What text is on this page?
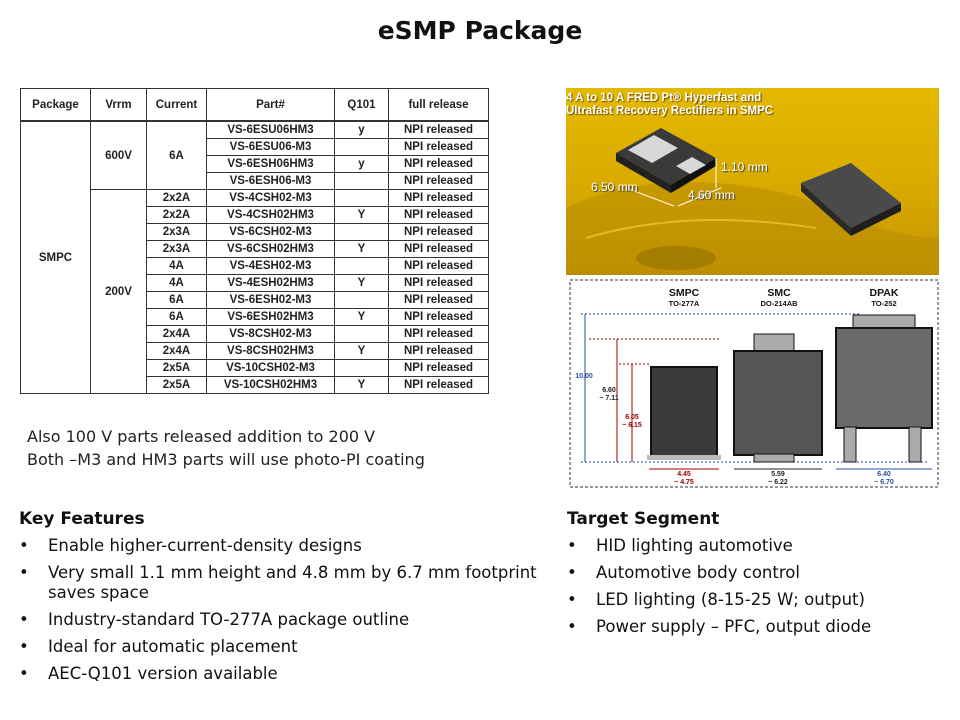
eSMP Package
Package	Vrrm	Current	Part#	Q101	full release
SMPC	600V	6A	VS-6ESU06HM3	y	NPI released
			VS-6ESU06-M3		NPI released
			VS-6ESH06HM3	y	NPI released
			VS-6ESH06-M3		NPI released
	200V	2x2A	VS-4CSH02-M3		NPI released
		2x2A	VS-4CSH02HM3	Y	NPI released
		2x3A	VS-6CSH02-M3		NPI released
		2x3A	VS-6CSH02HM3	Y	NPI released
		4A	VS-4ESH02-M3		NPI released
		4A	VS-4ESH02HM3	Y	NPI released
		6A	VS-6ESH02-M3		NPI released
		6A	VS-6ESH02HM3	Y	NPI released
		2x4A	VS-8CSH02-M3		NPI released
		2x4A	VS-8CSH02HM3	Y	NPI released
		2x5A	VS-10CSH02-M3		NPI released
		2x5A	VS-10CSH02HM3	Y	NPI released
Also 100 V parts released addition to 200 V
Both –M3 and HM3 parts will use photo-PI coating
Key Features
• Enable higher-current-density designs
• Very small 1.1 mm height and 4.8 mm by 6.7 mm footprint saves space
• Industry-standard TO-277A package outline
• Ideal for automatic placement
• AEC-Q101 version available
Target Segment
• HID lighting automotive
• Automotive body control
• LED lighting (8-15-25 W; output)
• Power supply – PFC, output diode
4 A to 10 A FRED Pt® Hyperfast and
Ultrafast Recovery Rectifiers in SMPC
1.10 mm
6.50 mm
4.60 mm
SMPC
TO-277A
SMC
DO-214AB
DPAK
TO-252
10.00
6.60
~ 7.11
6.05
~ 6.15
4.45
~ 4.75
5.59
~ 6.22
6.40
~ 6.70
